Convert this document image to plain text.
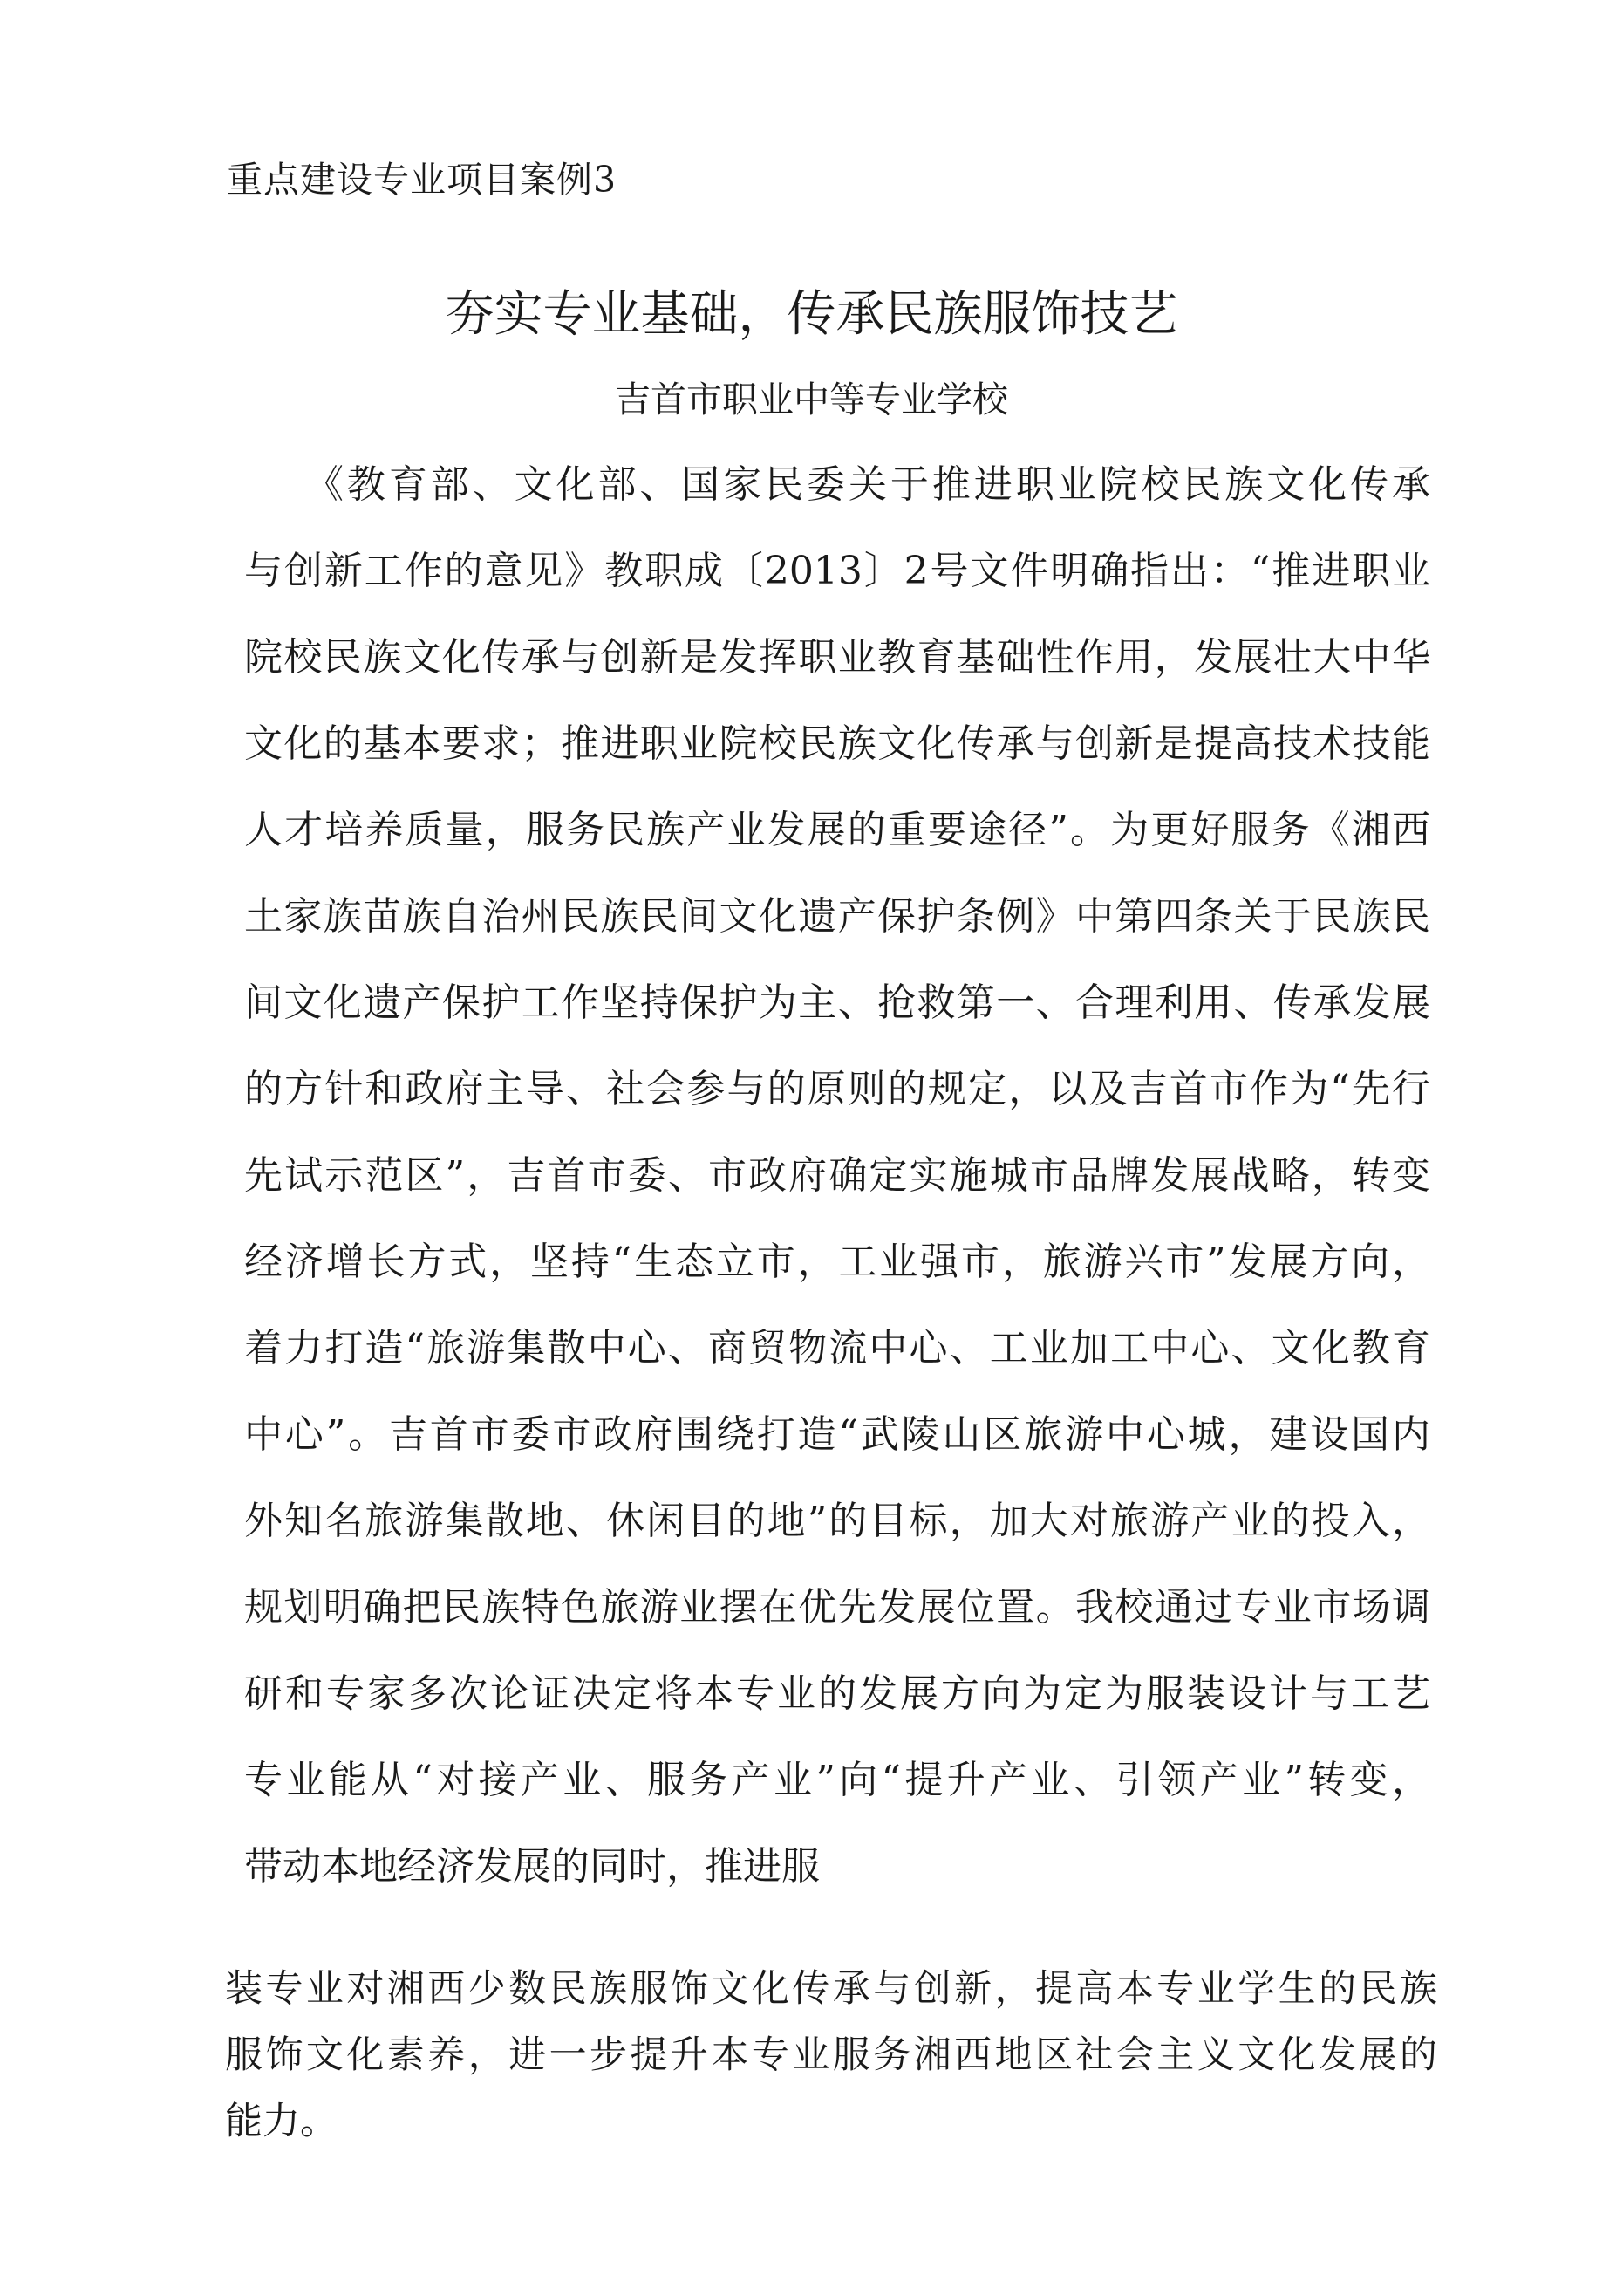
重点建设专业项目案例3
夯实专业基础，传承民族服饰技艺
吉首市职业中等专业学校
《教育部、文化部、国家民委关于推进职业院校民族文化传承
与创新工作的意见》教职成〔2013〕2号文件明确指出：“推进职业
院校民族文化传承与创新是发挥职业教育基础性作用，发展壮大中华
文化的基本要求；推进职业院校民族文化传承与创新是提高技术技能
人才培养质量，服务民族产业发展的重要途径”。为更好服务《湘西
土家族苗族自治州民族民间文化遗产保护条例》中第四条关于民族民
间文化遗产保护工作坚持保护为主、抢救第一、合理利用、传承发展
的方针和政府主导、社会参与的原则的规定，以及吉首市作为“先行
先试示范区”，吉首市委、市政府确定实施城市品牌发展战略，转变
经济增长方式，坚持“生态立市，工业强市，旅游兴市”发展方向，
着力打造“旅游集散中心、商贸物流中心、工业加工中心、文化教育
中心”。吉首市委市政府围绕打造“武陵山区旅游中心城，建设国内
外知名旅游集散地、休闲目的地”的目标，加大对旅游产业的投入，
规划明确把民族特色旅游业摆在优先发展位置。我校通过专业市场调
研和专家多次论证决定将本专业的发展方向为定为服装设计与工艺
专业能从“对接产业、服务产业”向“提升产业、引领产业”转变，
带动本地经济发展的同时，推进服
装专业对湘西少数民族服饰文化传承与创新，提高本专业学生的民族
服饰文化素养，进一步提升本专业服务湘西地区社会主义文化发展的
能力。
